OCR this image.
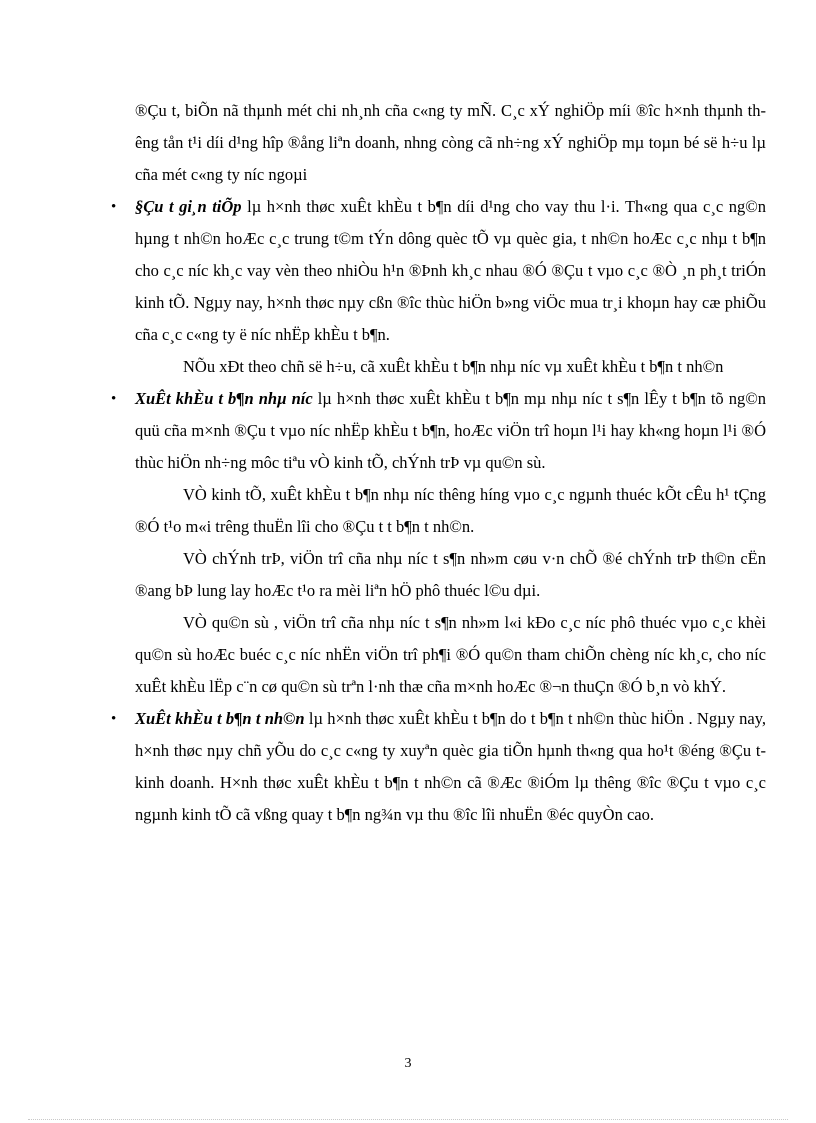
®Çu t, biÕn nã thµnh mét chi nh¸nh cña c«ng ty mÑ. C¸c xÝ nghiÖp míi ®îc h×nh thµnh thêng tån t¹i díi d¹ng hîp ®ång liªn doanh, nhng còng cã nh÷ng xÝ nghiÖp mµ toµn bé së h÷u lµ cña mét c«ng ty níc ngoµi

• §Çu t gi¸n tiÕp lµ h×nh thøc xuÊt khÈu t b¶n díi d¹ng cho vay thu l·i. Th«ng qua c¸c ng©n hµng t nh©n hoÆc c¸c trung t©m tÝn dông quèc tÕ vµ quèc gia, t nh©n hoÆc c¸c nhµ t b¶n cho c¸c níc kh¸c vay vèn theo nhiÒu h¹n ®Þnh kh¸c nhau ®Ó ®Çu t vµo c¸c ®Ò ¸n ph¸t triÓn kinh tÕ. Ngµy nay, h×nh thøc nµy cßn ®îc thùc hiÖn b»ng viÖc mua tr¸i khoµn hay cæ phiÕu cña c¸c c«ng ty ë níc nhËp khÈu t b¶n.

NÕu xÐt theo chñ së h÷u, cã xuÊt khÈu t b¶n nhµ níc vµ xuÊt khÈu t b¶n t nh©n

• XuÊt khÈu t b¶n nhµ níc lµ h×nh thøc xuÊt khÈu t b¶n mµ nhµ níc t s¶n lÊy t b¶n tõ ng©n quü cña m×nh ®Çu t vµo níc nhËp khÈu t b¶n, hoÆc viÖn trî hoµn l¹i hay kh«ng hoµn l¹i ®Ó thùc hiÖn nh÷ng môc tiªu vÒ kinh tÕ, chÝnh trÞ vµ qu©n sù.

VÒ kinh tÕ, xuÊt khÈu t b¶n nhµ níc thêng híng vµo c¸c ngµnh thuéc kÕt cÊu h¹ tÇng ®Ó t¹o m«i trêng thuËn lîi cho ®Çu t t b¶n t nh©n.

VÒ chÝnh trÞ, viÖn trî cña nhµ níc t s¶n nh»m cøu v·n chÕ ®é chÝnh trÞ th©n cËn ®ang bÞ lung lay hoÆc t¹o ra mèi liªn hÖ phô thuéc l©u dµi.

VÒ qu©n sù , viÖn trî cña nhµ níc t s¶n nh»m l«i kÐo c¸c níc phô thuéc vµo c¸c khèi qu©n sù hoÆc buéc c¸c níc nhËn viÖn trî ph¶i ®Ó qu©n tham chiÕn chèng níc kh¸c, cho níc xuÊt khÈu lËp c¨n cø qu©n sù trªn l·nh thæ cña m×nh hoÆc ®¬n thuÇn ®Ó b¸n vò khÝ.

• XuÊt khÈu t b¶n t nh©n lµ h×nh thøc xuÊt khÈu t b¶n do t b¶n t nh©n thùc hiÖn . Ngµy nay, h×nh thøc nµy chñ yÕu do c¸c c«ng ty xuyªn quèc gia tiÕn hµnh th«ng qua ho¹t ®éng ®Çu t kinh doanh. H×nh thøc xuÊt khÈu t b¶n t nh©n cã ®Æc ®iÓm lµ thêng ®îc ®Çu t vµo c¸c ngµnh kinh tÕ cã vßng quay t b¶n ng¾n vµ thu ®îc lîi nhuËn ®éc quyÒn cao.

3
